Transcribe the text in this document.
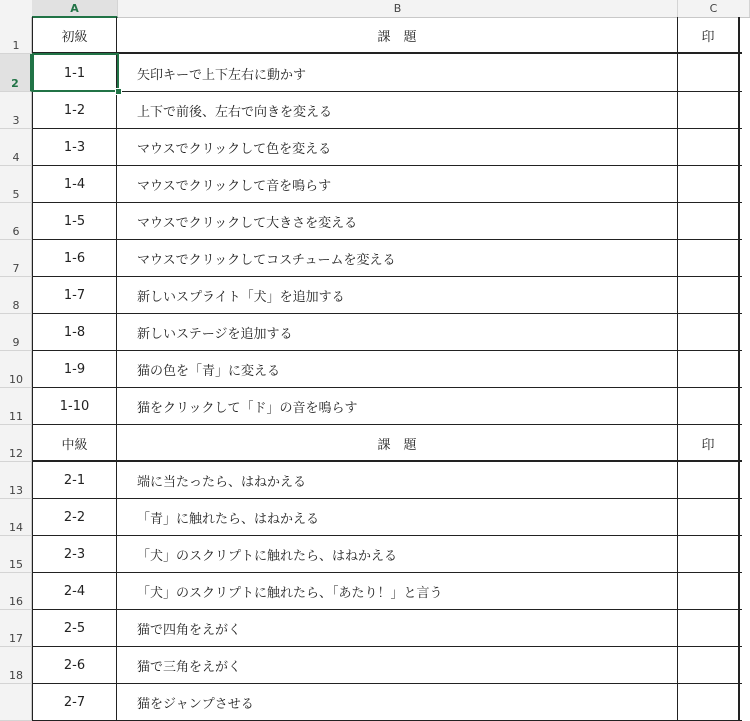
A	B	C
1
2
3
4
5
6
7
8
9
10
11
12
13
14
15
16
17
18
初級	課　題	印
1-1	矢印キーで上下左右に動かす
1-2	上下で前後、左右で向きを変える
1-3	マウスでクリックして色を変える
1-4	マウスでクリックして音を鳴らす
1-5	マウスでクリックして大きさを変える
1-6	マウスでクリックしてコスチュームを変える
1-7	新しいスプライト「犬」を追加する
1-8	新しいステージを追加する
1-9	猫の色を「青」に変える
1-10	猫をクリックして「ド」の音を鳴らす
中級	課　題	印
2-1	端に当たったら、はねかえる
2-2	「青」に触れたら、はねかえる
2-3	「犬」のスクリプトに触れたら、はねかえる
2-4	「犬」のスクリプトに触れたら、「あたり！」と言う
2-5	猫で四角をえがく
2-6	猫で三角をえがく
2-7	猫をジャンプさせる
